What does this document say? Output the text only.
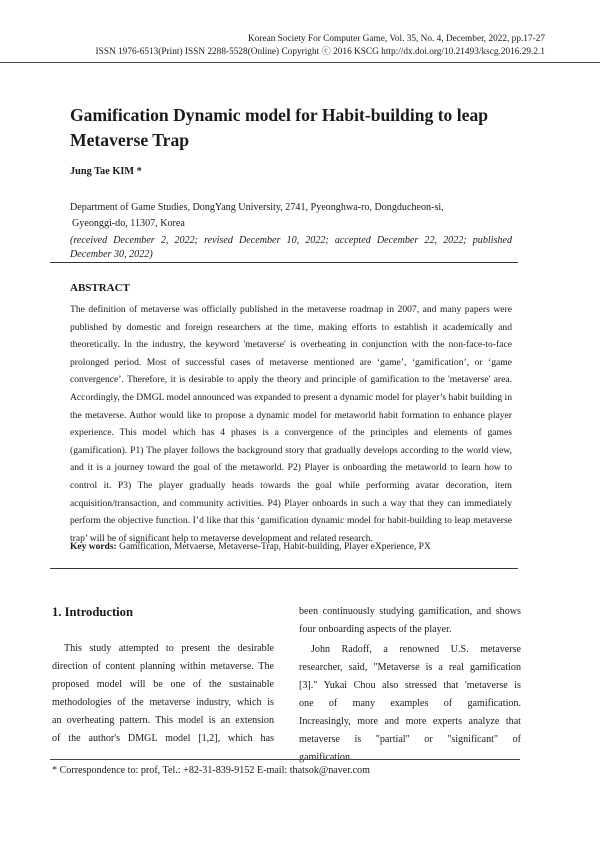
Korean Society For Computer Game, Vol. 35, No. 4, December, 2022, pp.17-27
ISSN 1976-6513(Print) ISSN 2288-5528(Online) Copyright ⓒ 2016 KSCG http://dx.doi.org/10.21493/kscg.2016.29.2.1
Gamification Dynamic model for Habit-building to leap
Metaverse Trap
Jung Tae KIM *
Department of Game Studies, DongYang University, 2741, Pyeonghwa-ro, Dongducheon-si,
Gyeonggi-do, 11307, Korea
(received December 2, 2022; revised December 10, 2022; accepted December 22, 2022; published December 30, 2022)
ABSTRACT
The definition of metaverse was officially published in the metaverse roadmap in 2007, and many papers were published by domestic and foreign researchers at the time, making efforts to establish it academically and theoretically. In the industry, the keyword 'metaverse' is overheating in conjunction with the non-face-to-face prolonged period. Most of successful cases of metaverse mentioned are ‘game’, ‘gamification’, or ‘game convergence’. Therefore, it is desirable to apply the theory and principle of gamification to the 'metaverse' area. Accordingly, the DMGL model announced was expanded to present a dynamic model for player’s habit building in the metaverse. Author would like to propose a dynamic model for metaworld habit formation to enhance player experience. This model which has 4 phases is a convergence of the principles and elements of games (gamification). P1) The player follows the background story that gradually develops according to the world view, and it is a journey toward the goal of the metaworld. P2) Player is onboarding the metaworld to learn how to control it. P3) The player gradually heads towards the goal while performing avatar decoration, item acquisition/transaction, and community activities. P4) Player onboards in such a way that they can immediately perform the objective function. I’d like that this ‘gamification dynamic model for habit-building to leap metaverse trap’ will be of significant help to metaverse development and related research.
Key words: Gamification, Metvaerse, Metaverse-Trap, Habit-building, Player eXperience, PX
1. Introduction
This study attempted to present the desirable
direction of content planning within metaverse. The
proposed model will be one of the sustainable
methodologies of the metaverse industry, which is
an overheating pattern. This model is an extension
of the author's DMGL model [1,2], which has
been continuously studying gamification, and shows
four onboarding aspects of the player.
John Radoff, a renowned U.S. metaverse
researcher, said, "Metaverse is a real gamification
[3]." Yukai Chou also stressed that 'metaverse is
one of many examples of gamification.
Increasingly, more and more experts analyze that
metaverse is "partial" or "significant" of
gamification.
* Correspondence to: prof, Tel.: +82-31-839-9152 E-mail: thatsok@naver.com
